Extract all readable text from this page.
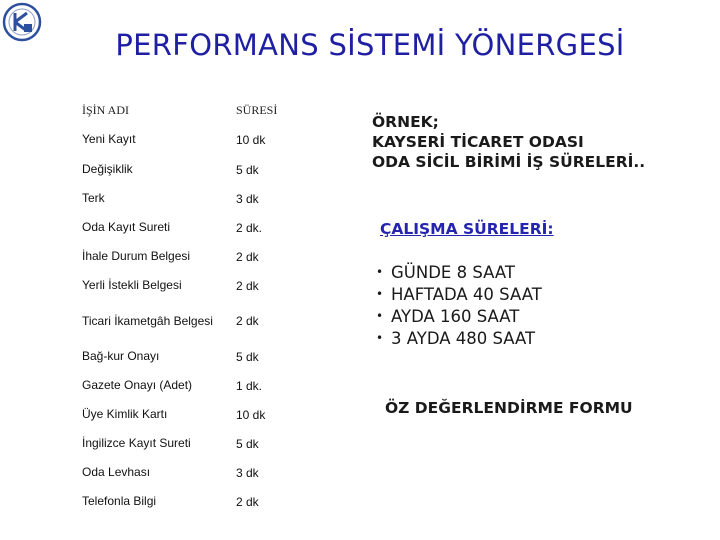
PERFORMANS SİSTEMİ YÖNERGESİ
İŞİN ADI	SÜRESİ
Yeni Kayıt	10 dk
Değişiklik	5 dk
Terk	3 dk
Oda Kayıt Sureti	2 dk.
İhale Durum Belgesi	2 dk
Yerli İstekli Belgesi	2 dk
Ticari İkametgâh Belgesi	2 dk
Bağ-kur Onayı	5 dk
Gazete Onayı (Adet)	1 dk.
Üye Kimlik Kartı	10 dk
İngilizce Kayıt Sureti	5 dk
Oda Levhası	3 dk
Telefonla Bilgi	2 dk
ÖRNEK;
KAYSERİ TİCARET ODASI
ODA SİCİL BİRİMİ İŞ SÜRELERİ..
ÇALIŞMA SÜRELERİ:
• GÜNDE 8 SAAT
• HAFTADA 40 SAAT
• AYDA 160 SAAT
• 3 AYDA 480 SAAT
ÖZ DEĞERLENDİRME FORMU
